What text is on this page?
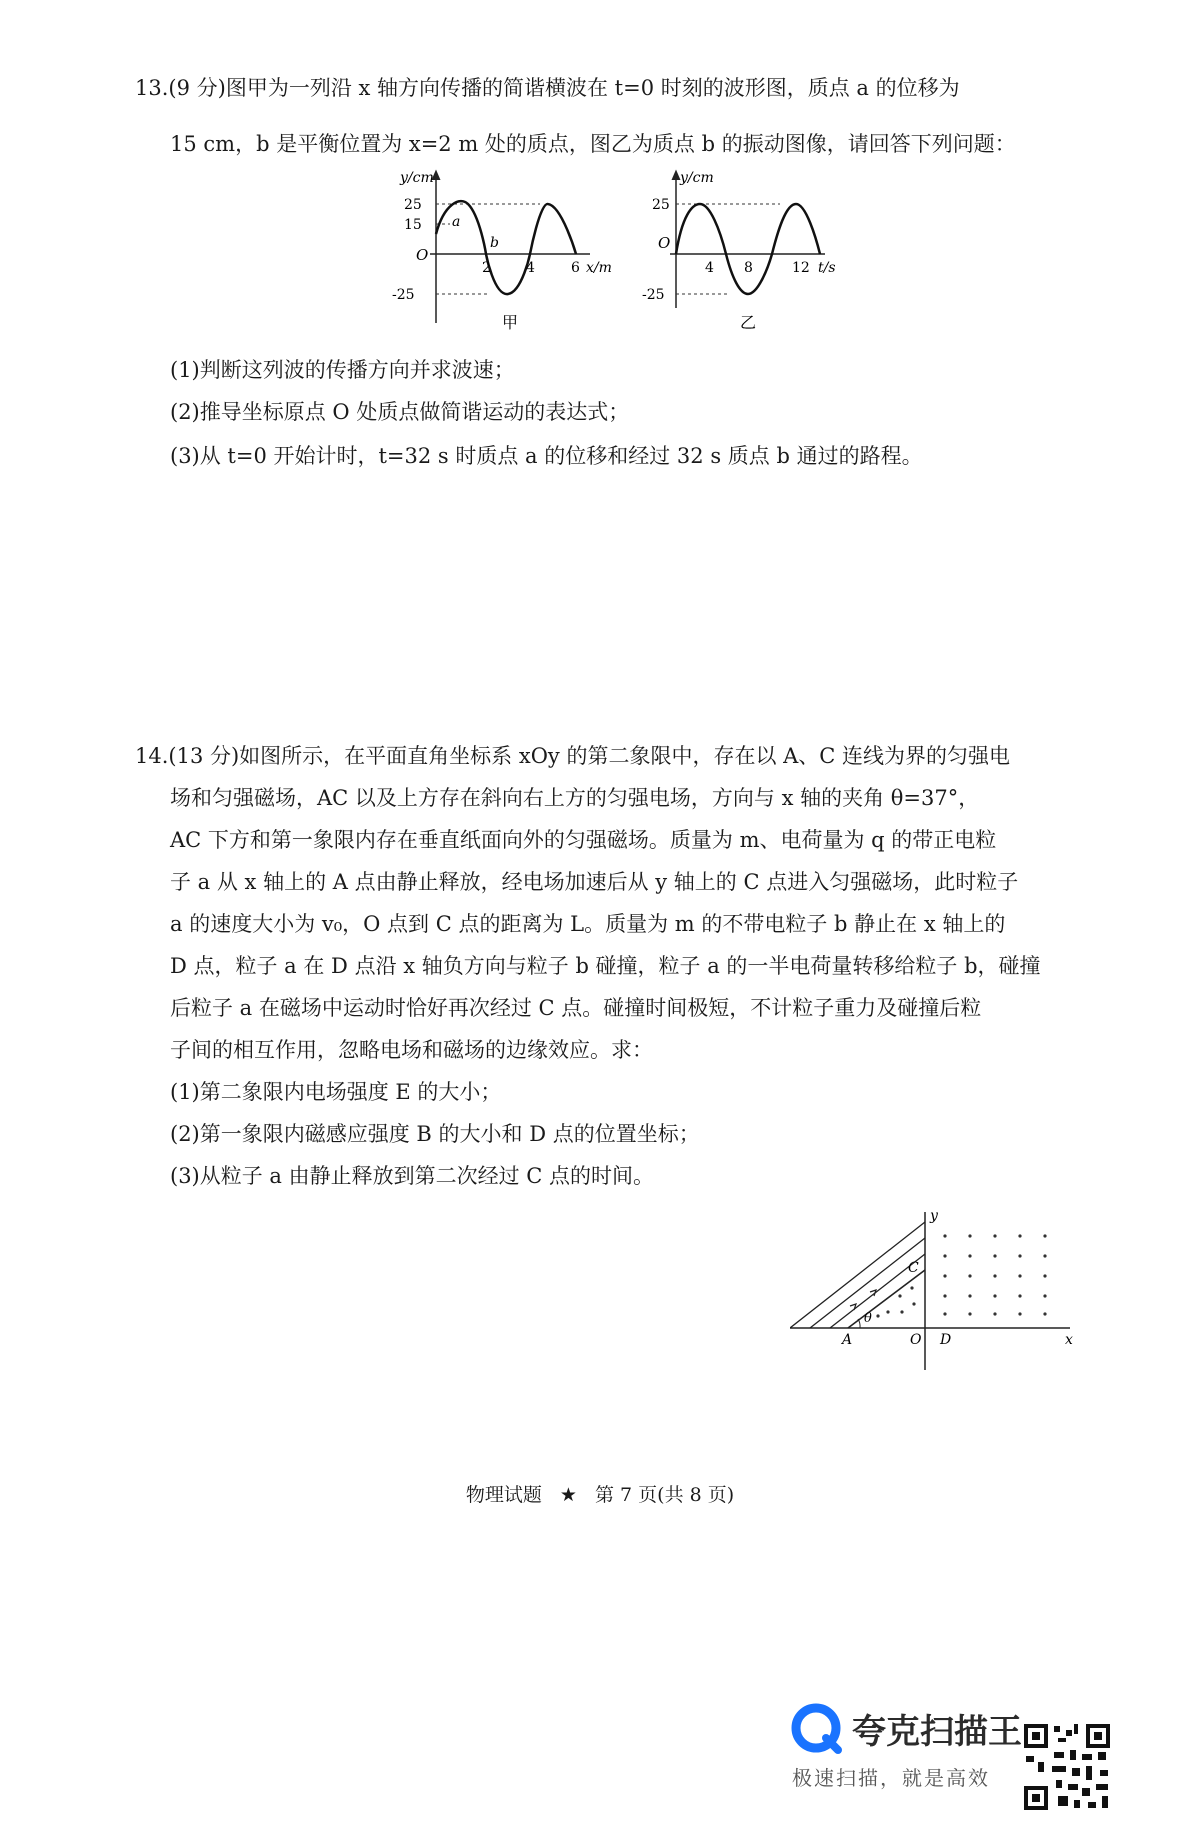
13.(9 分)图甲为一列沿 x 轴方向传播的简谐横波在 t=0 时刻的波形图，质点 a 的位移为
15 cm，b 是平衡位置为 x=2 m 处的质点，图乙为质点 b 的振动图像，请回答下列问题：
y/cm
25
15
-25
O
2	4	6 x/m
a
b
甲
y/cm
25
-25
O
4 8	12 t/s
乙
(1)判断这列波的传播方向并求波速；
(2)推导坐标原点 O 处质点做简谐运动的表达式；
(3)从 t=0 开始计时，t=32 s 时质点 a 的位移和经过 32 s 质点 b 通过的路程。
14.(13 分)如图所示，在平面直角坐标系 xOy 的第二象限中，存在以 A、C 连线为界的匀强电
场和匀强磁场，AC 以及上方存在斜向右上方的匀强电场，方向与 x 轴的夹角 θ=37°，
AC 下方和第一象限内存在垂直纸面向外的匀强磁场。质量为 m、电荷量为 q 的带正电粒
子 a 从 x 轴上的 A 点由静止释放，经电场加速后从 y 轴上的 C 点进入匀强磁场，此时粒子
a 的速度大小为 v₀，O 点到 C 点的距离为 L。质量为 m 的不带电粒子 b 静止在 x 轴上的
D 点，粒子 a 在 D 点沿 x 轴负方向与粒子 b 碰撞，粒子 a 的一半电荷量转移给粒子 b，碰撞
后粒子 a 在磁场中运动时恰好再次经过 C 点。碰撞时间极短，不计粒子重力及碰撞后粒
子间的相互作用，忽略电场和磁场的边缘效应。求：
(1)第二象限内电场强度 E 的大小；
(2)第一象限内磁感应强度 B 的大小和 D 点的位置坐标；
(3)从粒子 a 由静止释放到第二次经过 C 点的时间。
y
x
C
A	O D
θ
物理试题 ★ 第 7 页(共 8 页)
夸克扫描王
极速扫描，就是高效
